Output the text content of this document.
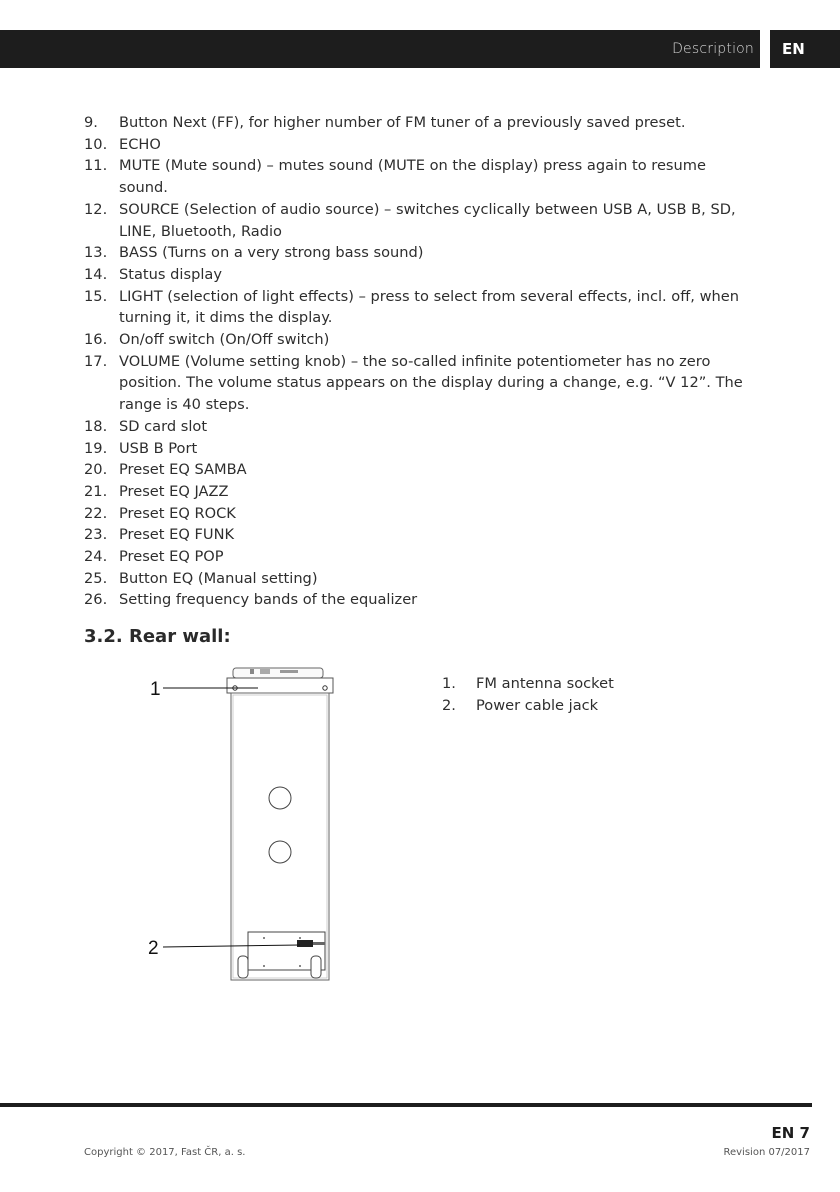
Description	EN
9. Button Next (FF), for higher number of FM tuner of a previously saved preset.
10. ECHO
11. MUTE (Mute sound) – mutes sound (MUTE on the display) press again to resume sound.
12. SOURCE (Selection of audio source) – switches cyclically between USB A, USB B, SD, LINE, Bluetooth, Radio
13. BASS (Turns on a very strong bass sound)
14. Status display
15. LIGHT (selection of light effects) – press to select from several effects, incl. off, when turning it, it dims the display.
16. On/off switch (On/Off switch)
17. VOLUME (Volume setting knob) – the so-called infinite potentiometer has no zero position. The volume status appears on the display during a change, e.g. “V 12”. The range is 40 steps.
18. SD card slot
19. USB B Port
20. Preset EQ SAMBA
21. Preset EQ JAZZ
22. Preset EQ ROCK
23. Preset EQ FUNK
24. Preset EQ POP
25. Button EQ (Manual setting)
26. Setting frequency bands of the equalizer
3.2. Rear wall:
1
2
1. FM antenna socket
2. Power cable jack
EN 7
Copyright © 2017, Fast ČR, a. s.	Revision 07/2017
